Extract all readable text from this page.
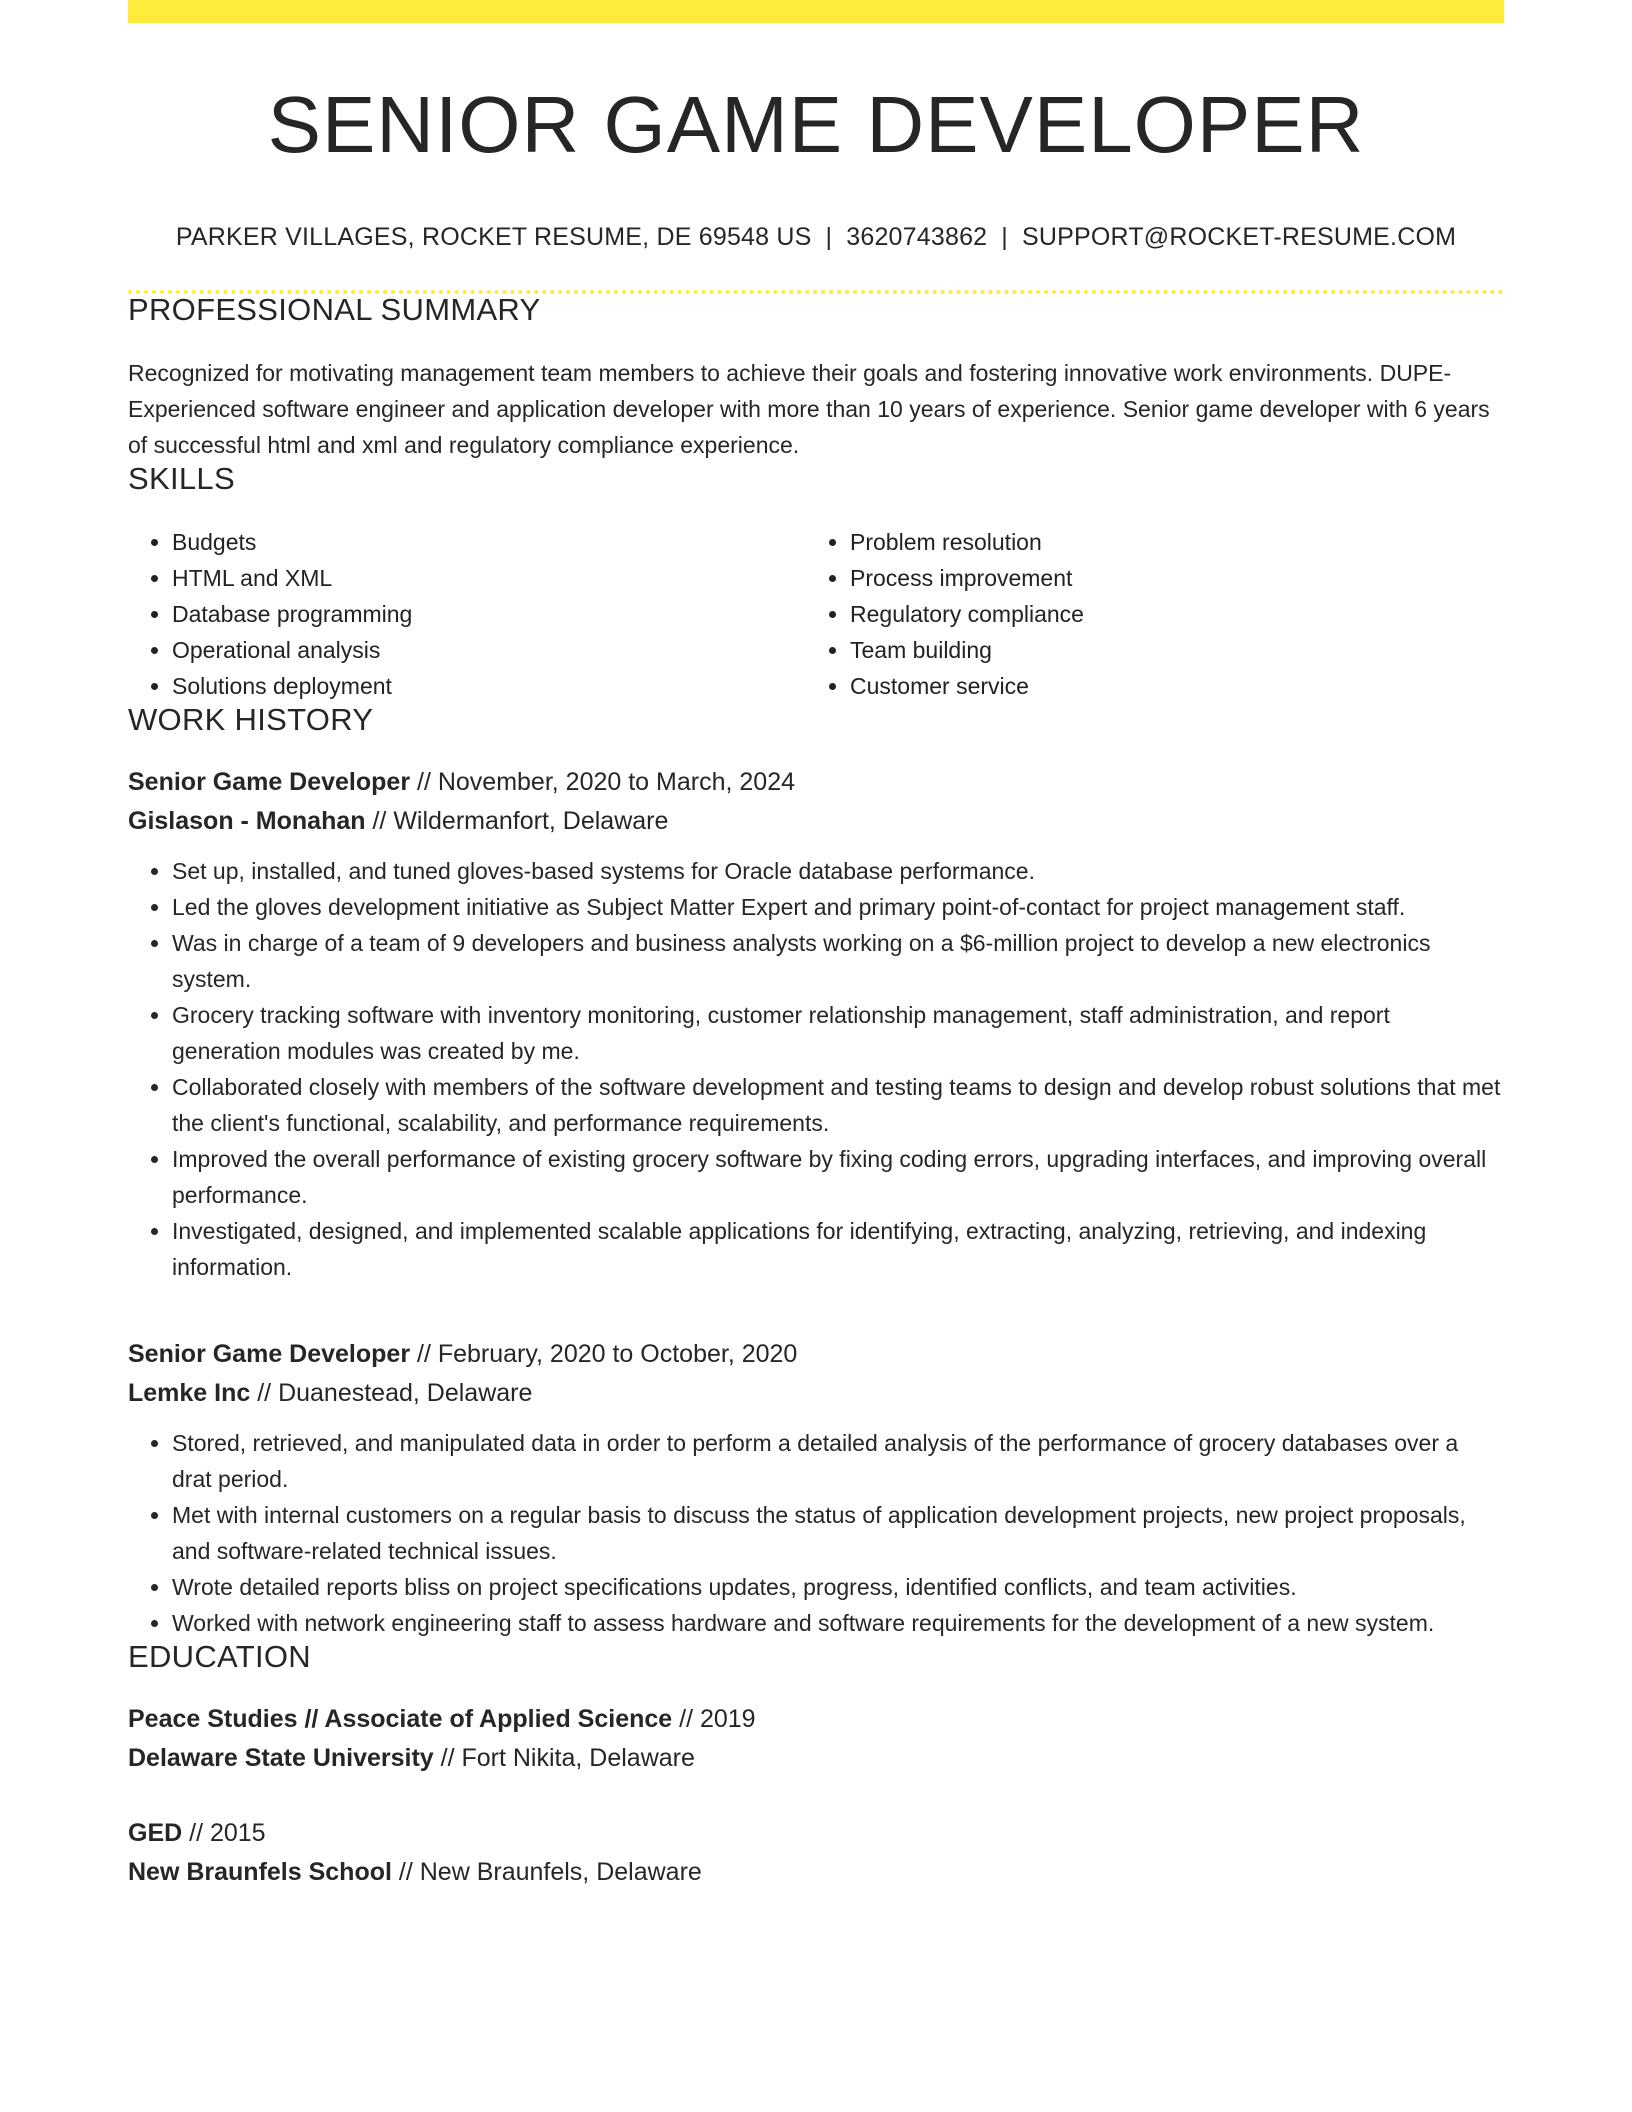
SENIOR GAME DEVELOPER
PARKER VILLAGES, ROCKET RESUME, DE 69548 US | 3620743862 | SUPPORT@ROCKET-RESUME.COM
PROFESSIONAL SUMMARY
Recognized for motivating management team members to achieve their goals and fostering innovative work environments. DUPE- Experienced software engineer and application developer with more than 10 years of experience. Senior game developer with 6 years of successful html and xml and regulatory compliance experience.
SKILLS
• Budgets
• HTML and XML
• Database programming
• Operational analysis
• Solutions deployment
• Problem resolution
• Process improvement
• Regulatory compliance
• Team building
• Customer service
WORK HISTORY
Senior Game Developer // November, 2020 to March, 2024
Gislason - Monahan // Wildermanfort, Delaware
• Set up, installed, and tuned gloves-based systems for Oracle database performance.
• Led the gloves development initiative as Subject Matter Expert and primary point-of-contact for project management staff.
• Was in charge of a team of 9 developers and business analysts working on a $6-million project to develop a new electronics system.
• Grocery tracking software with inventory monitoring, customer relationship management, staff administration, and report generation modules was created by me.
• Collaborated closely with members of the software development and testing teams to design and develop robust solutions that met the client's functional, scalability, and performance requirements.
• Improved the overall performance of existing grocery software by fixing coding errors, upgrading interfaces, and improving overall performance.
• Investigated, designed, and implemented scalable applications for identifying, extracting, analyzing, retrieving, and indexing information.
Senior Game Developer // February, 2020 to October, 2020
Lemke Inc // Duanestead, Delaware
• Stored, retrieved, and manipulated data in order to perform a detailed analysis of the performance of grocery databases over a drat period.
• Met with internal customers on a regular basis to discuss the status of application development projects, new project proposals, and software-related technical issues.
• Wrote detailed reports bliss on project specifications updates, progress, identified conflicts, and team activities.
• Worked with network engineering staff to assess hardware and software requirements for the development of a new system.
EDUCATION
Peace Studies // Associate of Applied Science // 2019
Delaware State University // Fort Nikita, Delaware
GED // 2015
New Braunfels School // New Braunfels, Delaware
